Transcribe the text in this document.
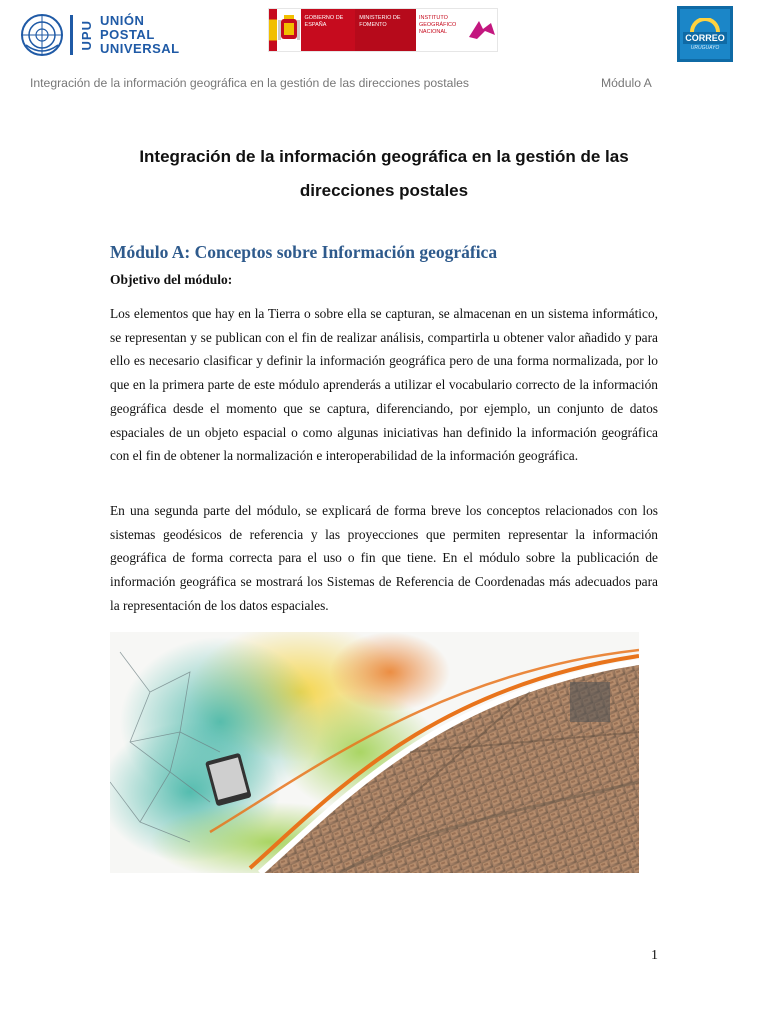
UPU UNIÓN
POSTAL
UNIVERSAL
GOBIERNO DE ESPAÑA
MINISTERIO DE FOMENTO
INSTITUTO GEOGRÁFICO NACIONAL
CORREO
URUGUAYO
Integración de la información geográfica en la gestión de las direcciones postales	Módulo A
Integración de la información geográfica en la gestión de las
direcciones postales
Módulo A: Conceptos sobre Información geográfica
Objetivo del módulo:

Los elementos que hay en la Tierra o sobre ella se capturan, se almacenan en un sistema informático, se representan y se publican con el fin de realizar análisis, compartirla u obtener valor añadido y para ello es necesario clasificar y definir la información geográfica pero de una forma normalizada, por lo que en la primera parte de este módulo aprenderás a utilizar el vocabulario correcto de la información geográfica desde el momento que se captura, diferenciando, por ejemplo, un conjunto de datos espaciales de un objeto espacial o como algunas iniciativas han definido la información geográfica con el fin de obtener la normalización e interoperabilidad de la información geográfica.

En una segunda parte del módulo, se explicará de forma breve los conceptos relacionados con los sistemas geodésicos de referencia y las proyecciones que permiten representar la información geográfica de forma correcta para el uso o fin que tiene. En el módulo sobre la publicación de información geográfica se mostrará los Sistemas de Referencia de Coordenadas más adecuados para la representación de los datos espaciales.

1
